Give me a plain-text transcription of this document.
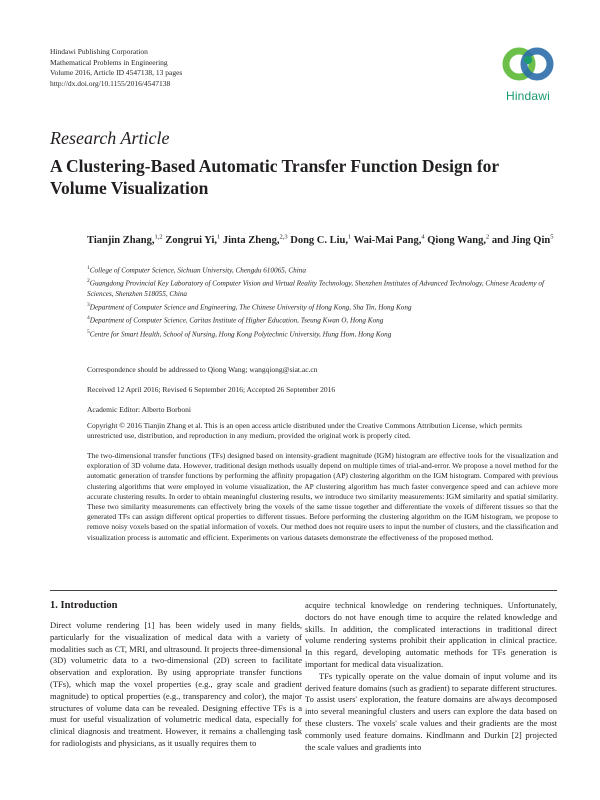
Hindawi Publishing Corporation
Mathematical Problems in Engineering
Volume 2016, Article ID 4547138, 13 pages
http://dx.doi.org/10.1155/2016/4547138
Hindawi
Research Article
A Clustering-Based Automatic Transfer Function Design for Volume Visualization
Tianjin Zhang,$^{1,2}$ Zongrui Yi,$^1$ Jinta Zheng,$^{2,3}$ Dong C. Liu,$^1$ Wai-Mai Pang,$^4$ Qiong Wang,$^2$ and Jing Qin$^5$
$^1$College of Computer Science, Sichuan University, Chengdu 610065, China
$^2$Guangdong Provincial Key Laboratory of Computer Vision and Virtual Reality Technology, Shenzhen Institutes of Advanced Technology, Chinese Academy of Sciences, Shenzhen 518055, China
$^3$Department of Computer Science and Engineering, The Chinese University of Hong Kong, Sha Tin, Hong Kong
$^4$Department of Computer Science, Caritas Institute of Higher Education, Tseung Kwan O, Hong Kong
$^5$Centre for Smart Health, School of Nursing, Hong Kong Polytechnic University, Hung Hom, Hong Kong
Correspondence should be addressed to Qiong Wang; wangqiong@siat.ac.cn
Received 12 April 2016; Revised 6 September 2016; Accepted 26 September 2016
Academic Editor: Alberto Borboni
Copyright © 2016 Tianjin Zhang et al. This is an open access article distributed under the Creative Commons Attribution License, which permits unrestricted use, distribution, and reproduction in any medium, provided the original work is properly cited.
The two-dimensional transfer functions (TFs) designed based on intensity-gradient magnitude (IGM) histogram are effective tools for the visualization and exploration of 3D volume data. However, traditional design methods usually depend on multiple times of trial-and-error. We propose a novel method for the automatic generation of transfer functions by performing the affinity propagation (AP) clustering algorithm on the IGM histogram. Compared with previous clustering algorithms that were employed in volume visualization, the AP clustering algorithm has much faster convergence speed and can achieve more accurate clustering results. In order to obtain meaningful clustering results, we introduce two similarity measurements: IGM similarity and spatial similarity. These two similarity measurements can effectively bring the voxels of the same tissue together and differentiate the voxels of different tissues so that the generated TFs can assign different optical properties to different tissues. Before performing the clustering algorithm on the IGM histogram, we propose to remove noisy voxels based on the spatial information of voxels. Our method does not require users to input the number of clusters, and the classification and visualization process is automatic and efficient. Experiments on various datasets demonstrate the effectiveness of the proposed method.
1. Introduction

Direct volume rendering [1] has been widely used in many fields, particularly for the visualization of medical data with a variety of modalities such as CT, MRI, and ultrasound. It projects three-dimensional (3D) volumetric data to a two-dimensional (2D) screen to facilitate observation and exploration. By using appropriate transfer functions (TFs), which map the voxel properties (e.g., gray scale and gradient magnitude) to optical properties (e.g., transparency and color), the major structures of volume data can be revealed. Designing effective TFs is a must for useful visualization of volumetric medical data, especially for clinical diagnosis and treatment. However, it remains a challenging task for radiologists and physicians, as it usually requires them to

acquire technical knowledge on rendering techniques. Unfortunately, doctors do not have enough time to acquire the related knowledge and skills. In addition, the complicated interactions in traditional direct volume rendering systems prohibit their application in clinical practice. In this regard, developing automatic methods for TFs generation is important for medical data visualization.

TFs typically operate on the value domain of input volume and its derived feature domains (such as gradient) to separate different structures. To assist users' exploration, the feature domains are always decomposed into several meaningful clusters and users can explore the data based on these clusters. The voxels' scale values and their gradients are the most commonly used feature domains. Kindlmann and Durkin [2] projected the scale values and gradients into
